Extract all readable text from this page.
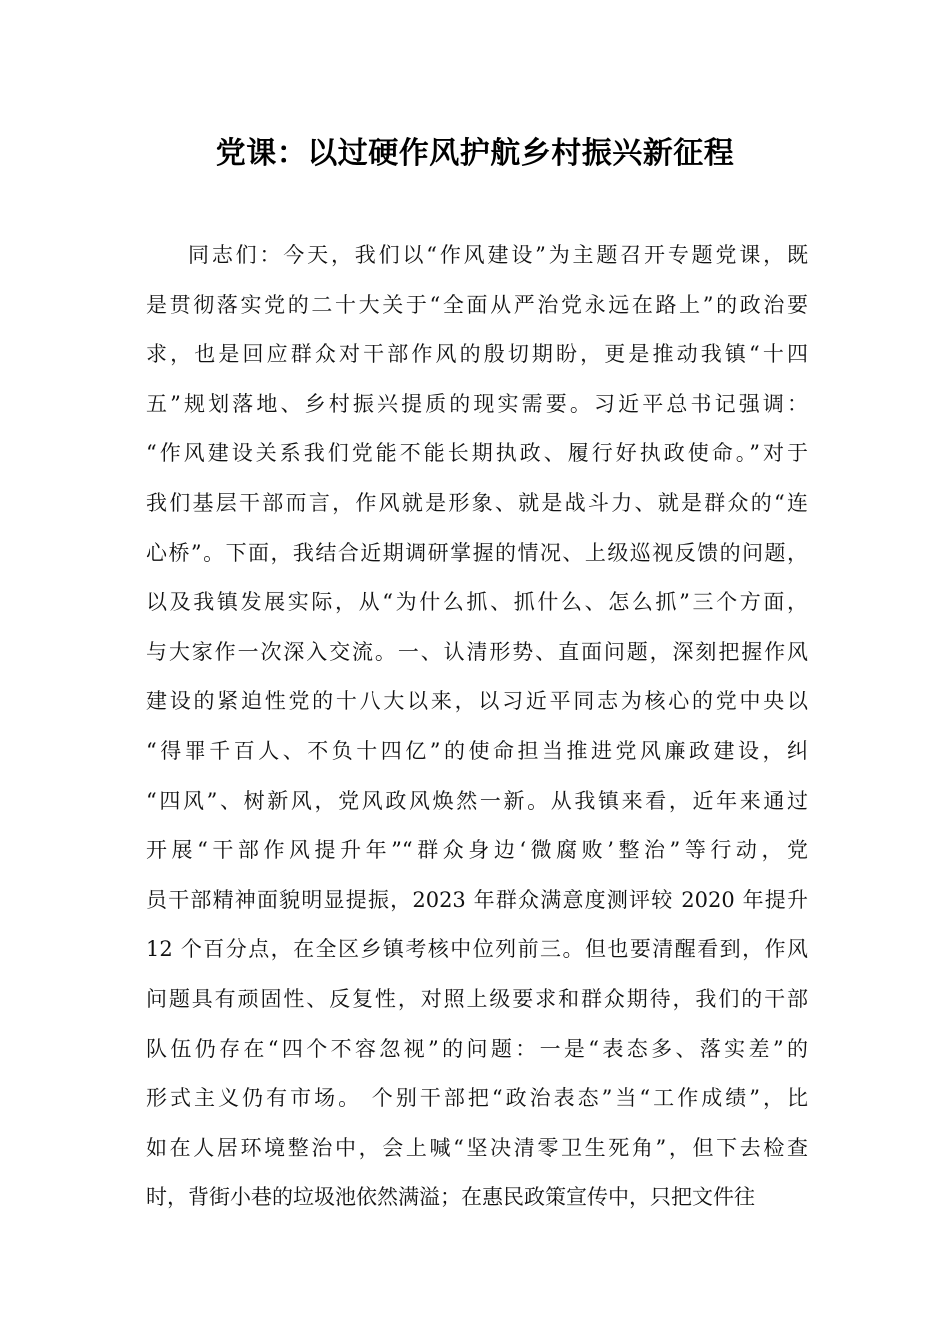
党课：以过硬作风护航乡村振兴新征程
同志们：今天，我们以“作风建设”为主题召开专题党课，既
是贯彻落实党的二十大关于“全面从严治党永远在路上”的政治要
求，也是回应群众对干部作风的殷切期盼，更是推动我镇“十四
五”规划落地、乡村振兴提质的现实需要。习近平总书记强调：
“作风建设关系我们党能不能长期执政、履行好执政使命。”对于
我们基层干部而言，作风就是形象、就是战斗力、就是群众的“连
心桥”。下面，我结合近期调研掌握的情况、上级巡视反馈的问题，
以及我镇发展实际，从“为什么抓、抓什么、怎么抓”三个方面，
与大家作一次深入交流。一、认清形势、直面问题，深刻把握作风
建设的紧迫性党的十八大以来，以习近平同志为核心的党中央以
“得罪千百人、不负十四亿”的使命担当推进党风廉政建设，纠
“四风”、树新风，党风政风焕然一新。从我镇来看，近年来通过
开展“干部作风提升年”“群众身边‘微腐败’整治”等行动，党
员干部精神面貌明显提振，2023 年群众满意度测评较 2020 年提升
12 个百分点，在全区乡镇考核中位列前三。但也要清醒看到，作风
问题具有顽固性、反复性，对照上级要求和群众期待，我们的干部
队伍仍存在“四个不容忽视”的问题：一是“表态多、落实差”的
形式主义仍有市场。 个别干部把“政治表态”当“工作成绩”，比
如在人居环境整治中，会上喊“坚决清零卫生死角”，但下去检查
时，背街小巷的垃圾池依然满溢；在惠民政策宣传中，只把文件往
